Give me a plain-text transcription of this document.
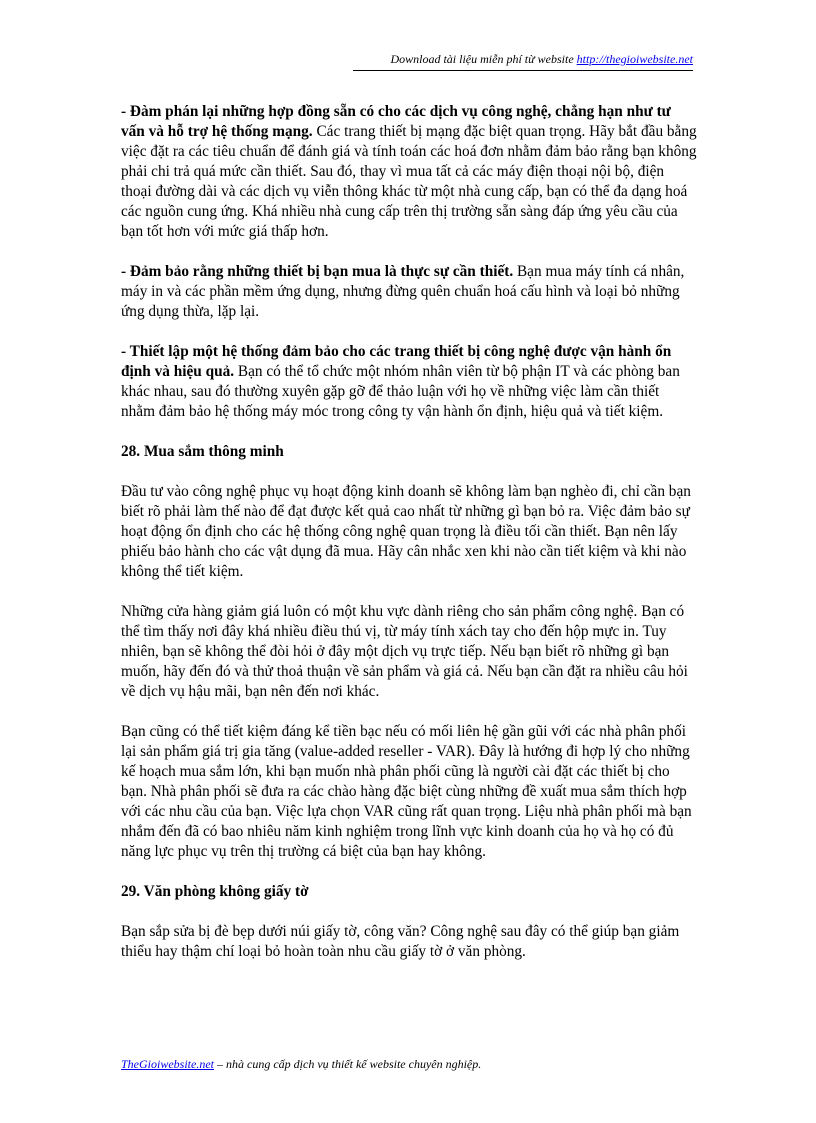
Download tài liệu miễn phí từ website http://thegioiwebsite.net

- Đàm phán lại những hợp đồng sẵn có cho các dịch vụ công nghệ, chẳng hạn như tư vấn và hỗ trợ hệ thống mạng. Các trang thiết bị mạng đặc biệt quan trọng. Hãy bắt đầu bằng việc đặt ra các tiêu chuẩn để đánh giá và tính toán các hoá đơn nhằm đảm bảo rằng bạn không phải chi trả quá mức cần thiết. Sau đó, thay vì mua tất cả các máy điện thoại nội bộ, điện thoại đường dài và các dịch vụ viễn thông khác từ một nhà cung cấp, bạn có thể đa dạng hoá các nguồn cung ứng. Khá nhiều nhà cung cấp trên thị trường sẵn sàng đáp ứng yêu cầu của bạn tốt hơn với mức giá thấp hơn.

- Đảm bảo rằng những thiết bị bạn mua là thực sự cần thiết. Bạn mua máy tính cá nhân, máy in và các phần mềm ứng dụng, nhưng đừng quên chuẩn hoá cấu hình và loại bỏ những ứng dụng thừa, lặp lại.

- Thiết lập một hệ thống đảm bảo cho các trang thiết bị công nghệ được vận hành ổn định và hiệu quả. Bạn có thể tổ chức một nhóm nhân viên từ bộ phận IT và các phòng ban khác nhau, sau đó thường xuyên gặp gỡ để thảo luận với họ về những việc làm cần thiết nhằm đảm bảo hệ thống máy móc trong công ty vận hành ổn định, hiệu quả và tiết kiệm.

28. Mua sắm thông minh

Đầu tư vào công nghệ phục vụ hoạt động kinh doanh sẽ không làm bạn nghèo đi, chỉ cần bạn biết rõ phải làm thế nào để đạt được kết quả cao nhất từ những gì bạn bỏ ra. Việc đảm bảo sự hoạt động ổn định cho các hệ thống công nghệ quan trọng là điều tối cần thiết. Bạn nên lấy phiếu bảo hành cho các vật dụng đã mua. Hãy cân nhắc xen khi nào cần tiết kiệm và khi nào không thể tiết kiệm.

Những cửa hàng giảm giá luôn có một khu vực dành riêng cho sản phẩm công nghệ. Bạn có thể tìm thấy nơi đây khá nhiều điều thú vị, từ máy tính xách tay cho đến hộp mực in. Tuy nhiên, bạn sẽ không thể đòi hỏi ở đây một dịch vụ trực tiếp. Nếu bạn biết rõ những gì bạn muốn, hãy đến đó và thử thoả thuận về sản phẩm và giá cả. Nếu bạn cần đặt ra nhiều câu hỏi về dịch vụ hậu mãi, bạn nên đến nơi khác.

Bạn cũng có thể tiết kiệm đáng kể tiền bạc nếu có mối liên hệ gần gũi với các nhà phân phối lại sản phẩm giá trị gia tăng (value-added reseller - VAR). Đây là hướng đi hợp lý cho những kế hoạch mua sắm lớn, khi bạn muốn nhà phân phối cũng là người cài đặt các thiết bị cho bạn. Nhà phân phối sẽ đưa ra các chào hàng đặc biệt cùng những đề xuất mua sắm thích hợp với các nhu cầu của bạn. Việc lựa chọn VAR cũng rất quan trọng. Liệu nhà phân phối mà bạn nhắm đến đã có bao nhiêu năm kinh nghiệm trong lĩnh vực kinh doanh của họ và họ có đủ năng lực phục vụ trên thị trường cá biệt của bạn hay không.

29. Văn phòng không giấy tờ

Bạn sắp sửa bị đè bẹp dưới núi giấy tờ, công văn? Công nghệ sau đây có thể giúp bạn giảm thiểu hay thậm chí loại bỏ hoàn toàn nhu cầu giấy tờ ở văn phòng.

TheGioiwebsite.net – nhà cung cấp dịch vụ thiết kế website chuyên nghiệp.
